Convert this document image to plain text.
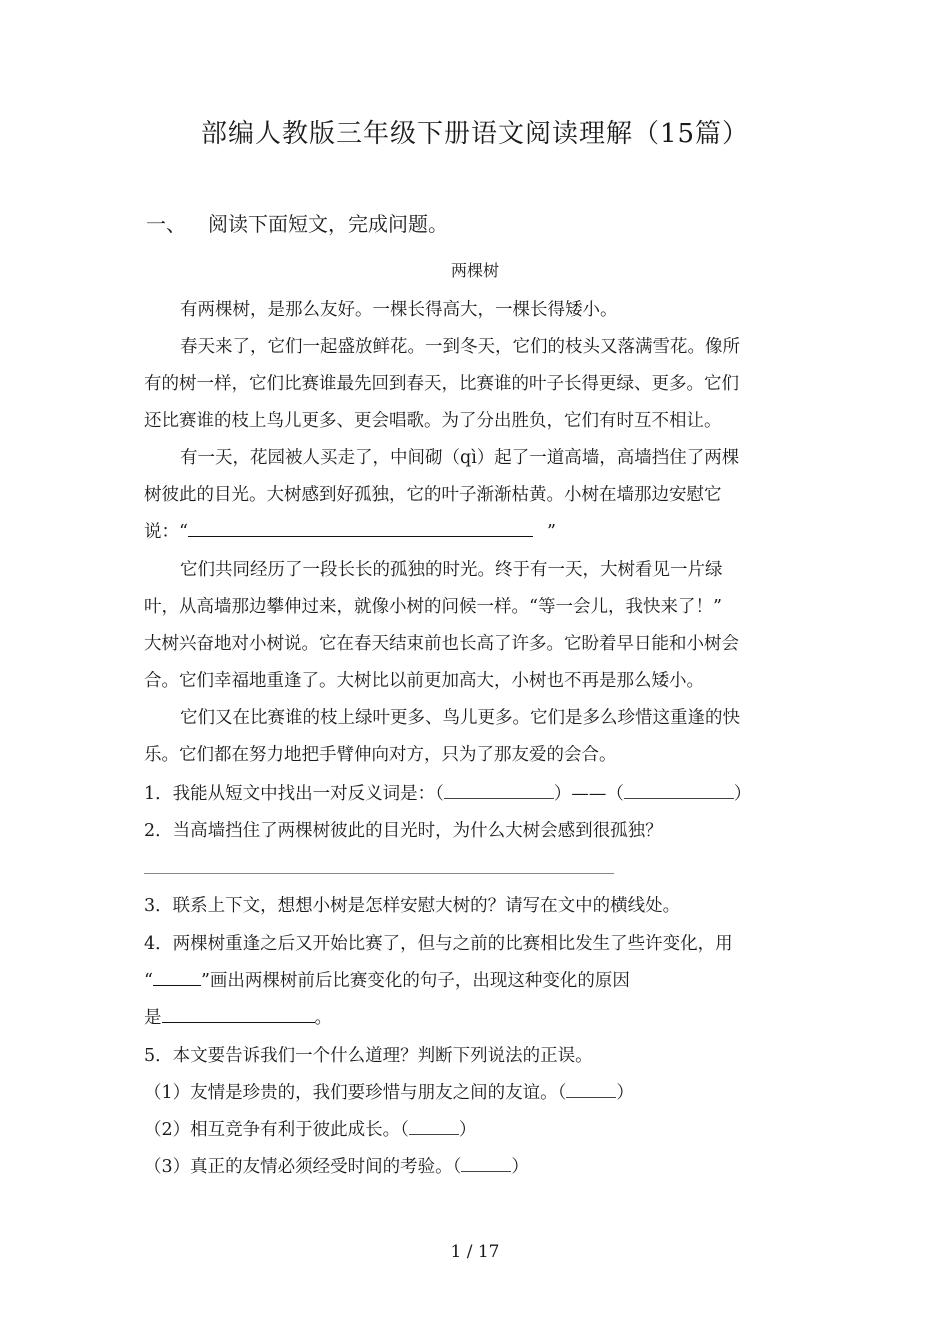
部编人教版三年级下册语文阅读理解（15篇）
一、 阅读下面短文，完成问题。
两棵树
有两棵树，是那么友好。一棵长得高大，一棵长得矮小。
春天来了，它们一起盛放鲜花。一到冬天，它们的枝头又落满雪花。像所
有的树一样，它们比赛谁最先回到春天，比赛谁的叶子长得更绿、更多。它们
还比赛谁的枝上鸟儿更多、更会唱歌。为了分出胜负，它们有时互不相让。
有一天，花园被人买走了，中间砌（qì）起了一道高墙，高墙挡住了两棵
树彼此的目光。大树感到好孤独，它的叶子渐渐枯黄。小树在墙那边安慰它
说：“	”
它们共同经历了一段长长的孤独的时光。终于有一天，大树看见一片绿
叶，从高墙那边攀伸过来，就像小树的问候一样。“等一会儿，我快来了！”
大树兴奋地对小树说。它在春天结束前也长高了许多。它盼着早日能和小树会
合。它们幸福地重逢了。大树比以前更加高大，小树也不再是那么矮小。
它们又在比赛谁的枝上绿叶更多、鸟儿更多。它们是多么珍惜这重逢的快
乐。它们都在努力地把手臂伸向对方，只为了那友爱的会合。
1．我能从短文中找出一对反义词是：（	）——（	）
2．当高墙挡住了两棵树彼此的目光时，为什么大树会感到很孤独？
3．联系上下文，想想小树是怎样安慰大树的？请写在文中的横线处。
4．两棵树重逢之后又开始比赛了，但与之前的比赛相比发生了些许变化，用
“	”画出两棵树前后比赛变化的句子，出现这种变化的原因
是	。
5．本文要告诉我们一个什么道理？判断下列说法的正误。
（1）友情是珍贵的，我们要珍惜与朋友之间的友谊。（	）
（2）相互竞争有利于彼此成长。（	）
（3）真正的友情必须经受时间的考验。（	）
1 / 17
